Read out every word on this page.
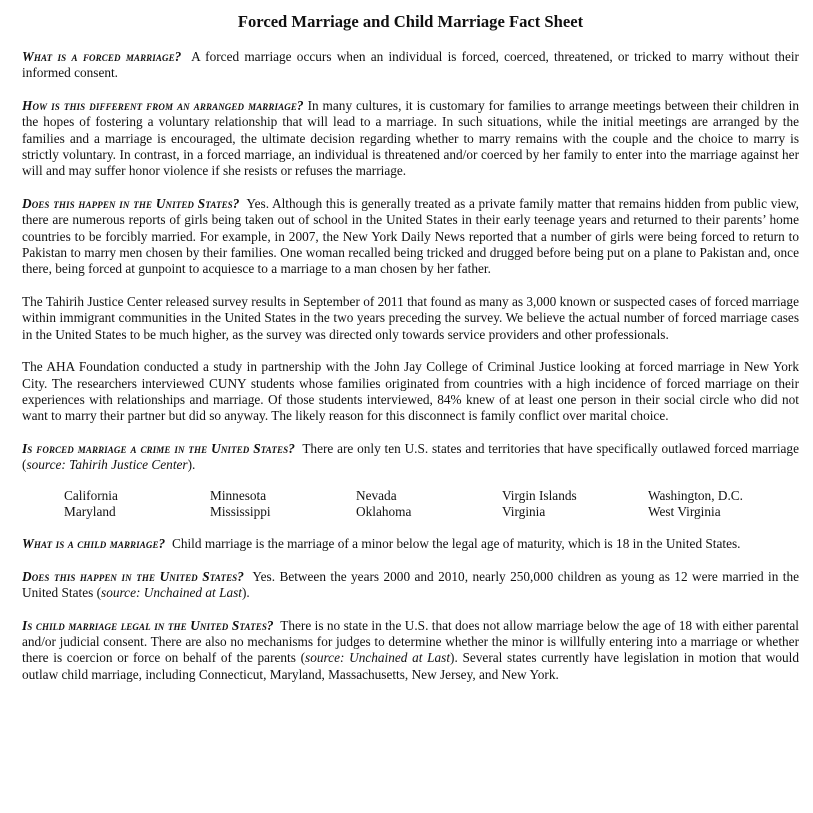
Forced Marriage and Child Marriage Fact Sheet

What is a forced marriage? A forced marriage occurs when an individual is forced, coerced, threatened, or tricked to marry without their informed consent.

How is this different from an arranged marriage? In many cultures, it is customary for families to arrange meetings between their children in the hopes of fostering a voluntary relationship that will lead to a marriage. In such situations, while the initial meetings are arranged by the families and a marriage is encouraged, the ultimate decision regarding whether to marry remains with the couple and the choice to marry is strictly voluntary. In contrast, in a forced marriage, an individual is threatened and/or coerced by her family to enter into the marriage against her will and may suffer honor violence if she resists or refuses the marriage.

Does this happen in the United States? Yes. Although this is generally treated as a private family matter that remains hidden from public view, there are numerous reports of girls being taken out of school in the United States in their early teenage years and returned to their parents’ home countries to be forcibly married. For example, in 2007, the New York Daily News reported that a number of girls were being forced to return to Pakistan to marry men chosen by their families. One woman recalled being tricked and drugged before being put on a plane to Pakistan and, once there, being forced at gunpoint to acquiesce to a marriage to a man chosen by her father.

The Tahirih Justice Center released survey results in September of 2011 that found as many as 3,000 known or suspected cases of forced marriage within immigrant communities in the United States in the two years preceding the survey. We believe the actual number of forced marriage cases in the United States to be much higher, as the survey was directed only towards service providers and other professionals.

The AHA Foundation conducted a study in partnership with the John Jay College of Criminal Justice looking at forced marriage in New York City. The researchers interviewed CUNY students whose families originated from countries with a high incidence of forced marriage on their experiences with relationships and marriage. Of those students interviewed, 84% knew of at least one person in their social circle who did not want to marry their partner but did so anyway. The likely reason for this disconnect is family conflict over marital choice.

Is forced marriage a crime in the United States? There are only ten U.S. states and territories that have specifically outlawed forced marriage (source: Tahirih Justice Center).

California	Minnesota	Nevada	Virgin Islands	Washington, D.C.
Maryland	Mississippi	Oklahoma	Virginia	West Virginia

What is a child marriage? Child marriage is the marriage of a minor below the legal age of maturity, which is 18 in the United States.

Does this happen in the United States? Yes. Between the years 2000 and 2010, nearly 250,000 children as young as 12 were married in the United States (source: Unchained at Last).

Is child marriage legal in the United States? There is no state in the U.S. that does not allow marriage below the age of 18 with either parental and/or judicial consent. There are also no mechanisms for judges to determine whether the minor is willfully entering into a marriage or whether there is coercion or force on behalf of the parents (source: Unchained at Last). Several states currently have legislation in motion that would outlaw child marriage, including Connecticut, Maryland, Massachusetts, New Jersey, and New York.
